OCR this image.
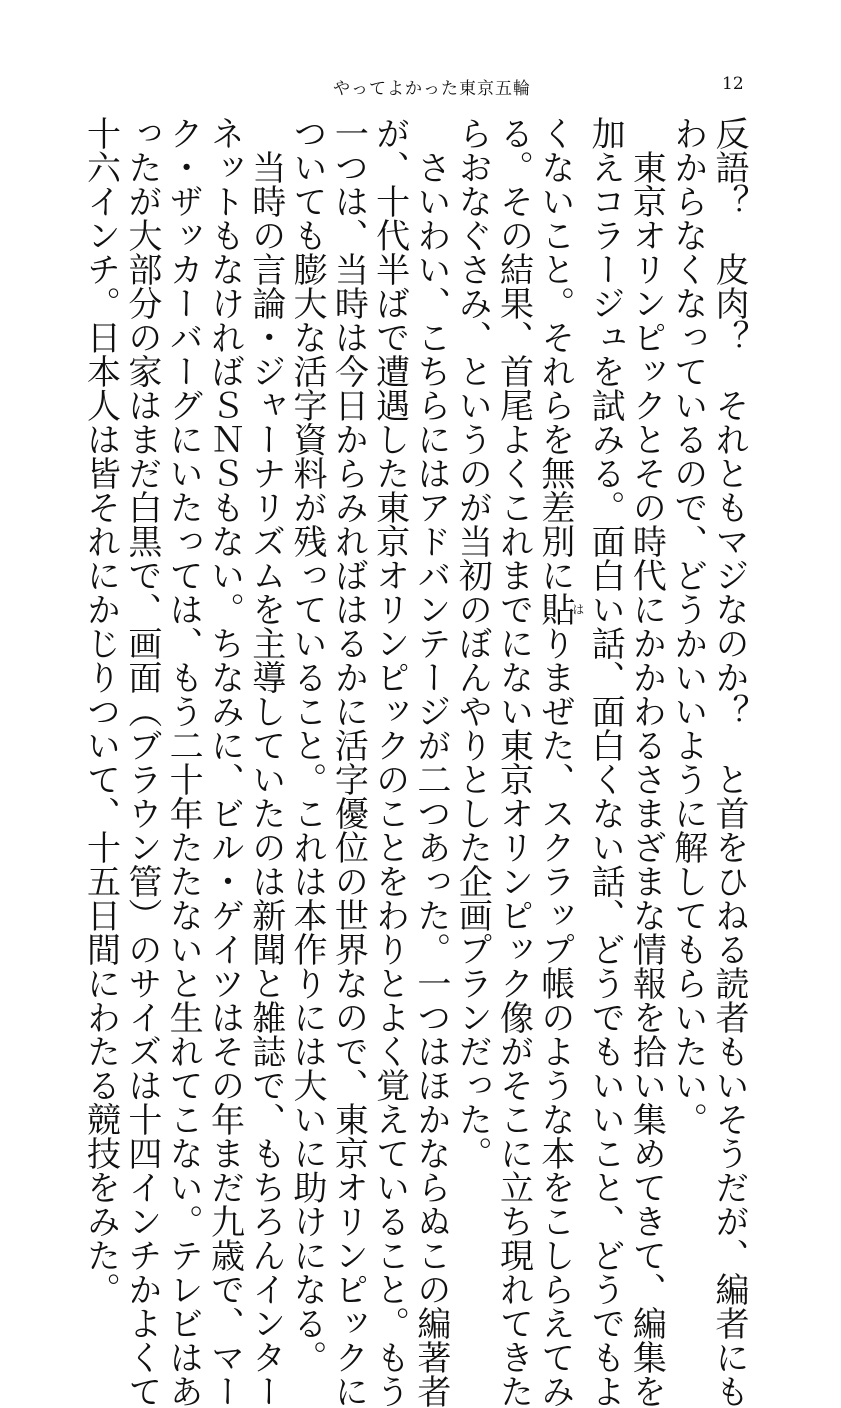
やってよかった東京五輪	12
反語？　皮肉？　それともマジなのか？　と首をひねる読者もいそうだが、編者にも
わからなくなっているので、どうかいいように解してもらいたい。
　東京オリンピックとその時代にかかわるさまざまな情報を拾い集めてきて、編集を
加えコラージュを試みる。面白い話、面白くない話、どうでもいいこと、どうでもよ
くないこと。それらを無差別に貼はりまぜた、スクラップ帳のような本をこしらえてみ
る。その結果、首尾よくこれまでにない東京オリンピック像がそこに立ち現れてきた
らおなぐさみ、というのが当初のぼんやりとした企画プランだった。
　さいわい、こちらにはアドバンテージが二つあった。一つはほかならぬこの編著者
が、十代半ばで遭遇した東京オリンピックのことをわりとよく覚えていること。もう
一つは、当時は今日からみればはるかに活字優位の世界なので、東京オリンピックに
ついても膨大な活字資料が残っていること。これは本作りには大いに助けになる。
　当時の言論・ジャーナリズムを主導していたのは新聞と雑誌で、もちろんインター
ネットもなければＳＮＳもない。ちなみに、ビル・ゲイツはその年まだ九歳で、マー
ク・ザッカーバーグにいたっては、もう二十年たたないと生れてこない。テレビはあ
ったが大部分の家はまだ白黒で、画面（ブラウン管）のサイズは十四インチかよくて
十六インチ。日本人は皆それにかじりついて、十五日間にわたる競技をみた。
